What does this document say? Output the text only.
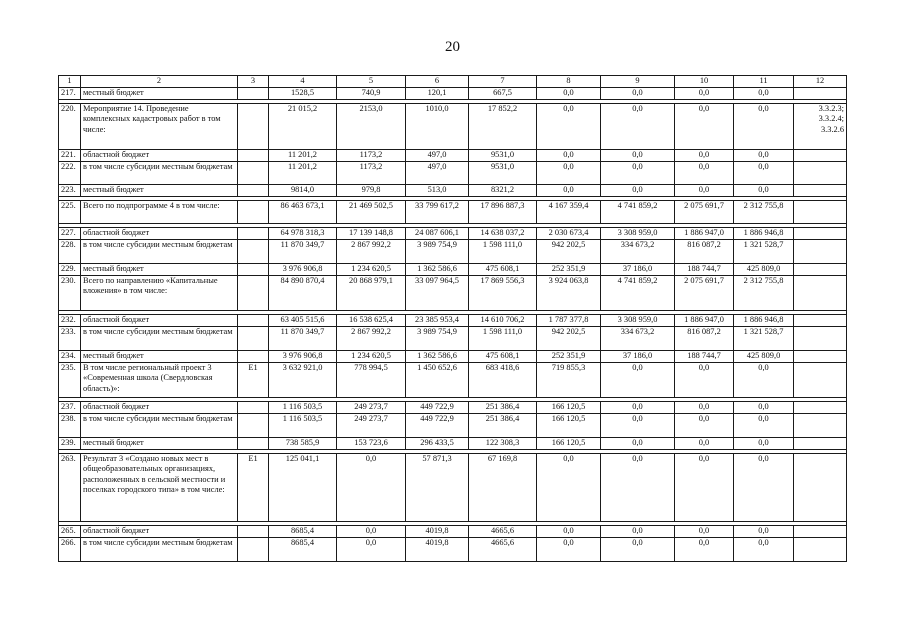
20
1	2	3	4	5	6	7	8	9	10	11	12
217.	местный бюджет		1528,5	740,9	120,1	667,5	0,0	0,0	0,0	0,0	

220.	Мероприятие 14. Проведение комплексных кадастровых работ в том числе:		21 015,2	2153,0	1010,0	17 852,2	0,0	0,0	0,0	0,0	3.3.2.3; 3.3.2.4; 3.3.2.6
221.	областной бюджет		11 201,2	1173,2	497,0	9531,0	0,0	0,0	0,0	0,0	
222.	в том числе субсидии местным бюджетам		11 201,2	1173,2	497,0	9531,0	0,0	0,0	0,0	0,0	
223.	местный бюджет		9814,0	979,8	513,0	8321,2	0,0	0,0	0,0	0,0	

225.	Всего по подпрограмме 4 в том числе:		86 463 673,1	21 469 502,5	33 799 617,2	17 896 887,3	4 167 359,4	4 741 859,2	2 075 691,7	2 312 755,8	

227.	областной бюджет		64 978 318,3	17 139 148,8	24 087 606,1	14 638 037,2	2 030 673,4	3 308 959,0	1 886 947,0	1 886 946,8	
228.	в том числе субсидии местным бюджетам		11 870 349,7	2 867 992,2	3 989 754,9	1 598 111,0	942 202,5	334 673,2	816 087,2	1 321 528,7	
229.	местный бюджет		3 976 906,8	1 234 620,5	1 362 586,6	475 608,1	252 351,9	37 186,0	188 744,7	425 809,0	
230.	Всего по направлению «Капитальные вложения» в том числе:		84 890 870,4	20 868 979,1	33 097 964,5	17 869 556,3	3 924 063,8	4 741 859,2	2 075 691,7	2 312 755,8	

232.	областной бюджет		63 405 515,6	16 538 625,4	23 385 953,4	14 610 706,2	1 787 377,8	3 308 959,0	1 886 947,0	1 886 946,8	
233.	в том числе субсидии местным бюджетам		11 870 349,7	2 867 992,2	3 989 754,9	1 598 111,0	942 202,5	334 673,2	816 087,2	1 321 528,7	
234.	местный бюджет		3 976 906,8	1 234 620,5	1 362 586,6	475 608,1	252 351,9	37 186,0	188 744,7	425 809,0	
235.	В том числе региональный проект 3 «Современная школа (Свердловская область)»:	E1	3 632 921,0	778 994,5	1 450 652,6	683 418,6	719 855,3	0,0	0,0	0,0	

237.	областной бюджет		1 116 503,5	249 273,7	449 722,9	251 386,4	166 120,5	0,0	0,0	0,0	
238.	в том числе субсидии местным бюджетам		1 116 503,5	249 273,7	449 722,9	251 386,4	166 120,5	0,0	0,0	0,0	
239.	местный бюджет		738 585,9	153 723,6	296 433,5	122 308,3	166 120,5	0,0	0,0	0,0	

263.	Результат 3 «Создано новых мест в общеобразовательных организациях, расположенных в сельской местности и поселках городского типа» в том числе:	E1	125 041,1	0,0	57 871,3	67 169,8	0,0	0,0	0,0	0,0	

265.	областной бюджет		8685,4	0,0	4019,8	4665,6	0,0	0,0	0,0	0,0	
266.	в том числе субсидии местным бюджетам		8685,4	0,0	4019,8	4665,6	0,0	0,0	0,0	0,0	
